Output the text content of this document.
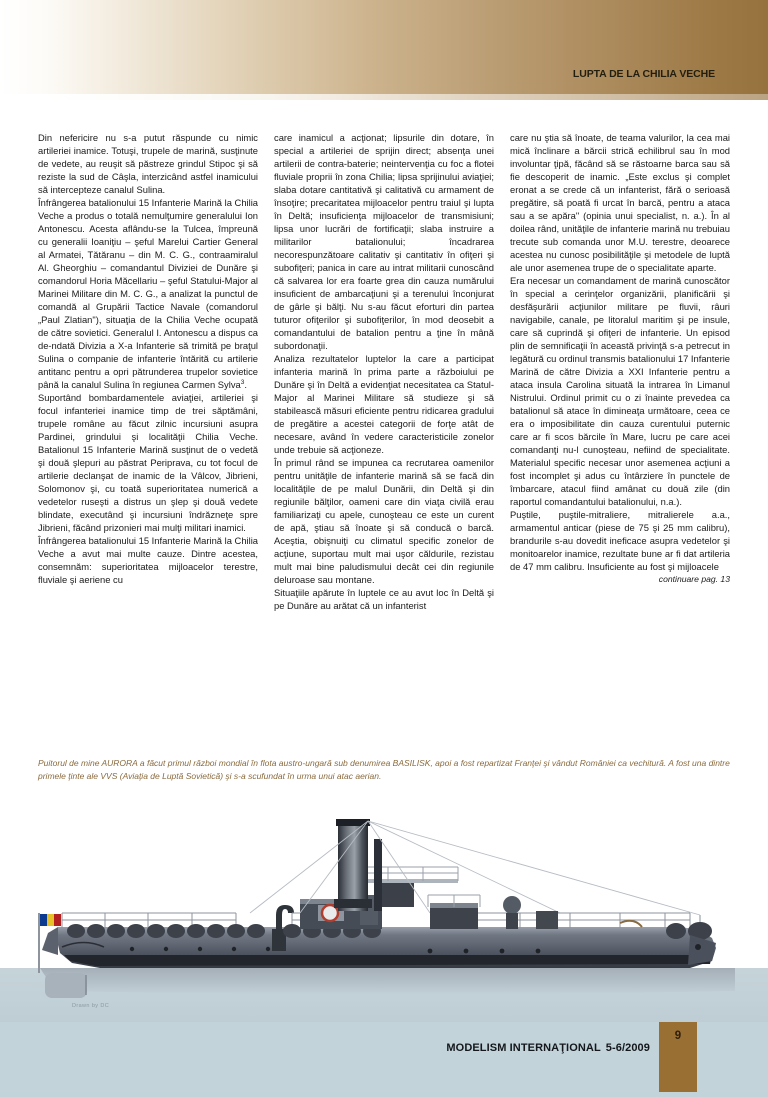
LUPTA DE LA CHILIA VECHE

Din nefericire nu s-a putut răspunde cu nimic artileriei inamice. Totuşi, trupele de marină, susţinute de vedete, au reuşit să păstreze grindul Stipoc şi să reziste la sud de Câşla, interzicând astfel inamicului să intercepteze canalul Sulina.

Înfrângerea batalionului 15 Infanterie Marină la Chilia Veche a produs o totală nemulţumire generalului Ion Antonescu. Acesta aflându-se la Tulcea, împreună cu generalii Ioaniţiu – şeful Marelui Cartier General al Armatei, Tătăranu – din M. C. G., contraamiralul Al. Gheorghiu – comandantul Diviziei de Dunăre şi comandorul Horia Măcellariu – şeful Statului-Major al Marinei Militare din M. C. G., a analizat la punctul de comandă al Grupării Tactice Navale (comandorul „Paul Zlatian"), situaţia de la Chilia Veche ocupată de către sovietici. Generalul I. Antonescu a dispus ca de-ndată Divizia a X-a Infanterie să trimită pe braţul Sulina o companie de infanterie întărită cu artilerie antitanc pentru a opri pătrunderea trupelor sovietice până la canalul Sulina în regiunea Carmen Sylva$^3$.

Suportând bombardamentele aviaţiei, artileriei şi focul infanteriei inamice timp de trei săptămâni, trupele române au făcut zilnic incursiuni asupra Pardinei, grindului şi localităţii Chilia Veche. Batalionul 15 Infanterie Marină susţinut de o vedetă şi două şlepuri au păstrat Periprava, cu tot focul de artilerie declanşat de inamic de la Vâlcov, Jibrieni, Solomonov şi, cu toată superioritatea numerică a vedetelor ruseşti a distrus un şlep şi două vedete blindate, executând şi incursiuni îndrăzneţe spre Jibrieni, făcând prizonieri mai mulţi militari inamici.

Înfrângerea batalionului 15 Infanterie Marină la Chilia Veche a avut mai multe cauze. Dintre acestea, consemnăm: superioritatea mijloacelor terestre, fluviale şi aeriene cu

care inamicul a acţionat; lipsurile din dotare, în special a artileriei de sprijin direct; absenţa unei artilerii de contra-baterie; neintervenţia cu foc a flotei fluviale proprii în zona Chilia; lipsa sprijinului aviaţiei; slaba dotare cantitativă şi calitativă cu armament de însoţire; precaritatea mijloacelor pentru traiul şi lupta în Deltă; insuficienţa mijloacelor de transmisiuni; lipsa unor lucrări de fortificaţii; slaba instruire a militarilor batalionului; încadrarea necorespunzătoare calitativ şi cantitativ în ofiţeri şi subofiţeri; panica in care au intrat militarii cunoscând că salvarea lor era foarte grea din cauza numărului insuficient de ambarcaţiuni şi a terenului înconjurat de gârle şi bălţi. Nu s-au făcut eforturi din partea tuturor ofiţerilor şi subofiţerilor, în mod deosebit a comandantului de batalion pentru a ţine în mână subordonaţii.

Analiza rezultatelor luptelor la care a participat infanteria marină în prima parte a războiului pe Dunăre şi în Deltă a evidenţiat necesitatea ca Statul-Major al Marinei Militare să studieze şi să stabilească măsuri eficiente pentru ridicarea gradului de pregătire a acestei categorii de forţe atât de necesare, având în vedere caracteristicile zonelor unde trebuie să acţioneze.

În primul rând se impunea ca recrutarea oamenilor pentru unităţile de infanterie marină să se facă din localităţile de pe malul Dunării, din Deltă şi din regiunile bălţilor, oameni care din viaţa civilă erau familiarizaţi cu apele, cunoşteau ce este un curent de apă, ştiau să înoate şi să conducă o barcă. Aceştia, obişnuiţi cu climatul specific zonelor de acţiune, suportau mult mai uşor căldurile, rezistau mult mai bine paludismului decât cei din regiunile deluroase sau montane.

Situaţiile apărute în luptele ce au avut loc în Deltă şi pe Dunăre au arătat că un infanterist

care nu ştia să înoate, de teama valurilor, la cea mai mică înclinare a bărcii strică echilibrul sau în mod involuntar ţipă, făcând să se răstoarne barca sau să fie descoperit de inamic. „Este exclus şi complet eronat a se crede că un infanterist, fără o serioasă pregătire, să poată fi urcat în barcă, pentru a ataca sau a se apăra" (opinia unui specialist, n. a.). În al doilea rând, unităţile de infanterie marină nu trebuiau trecute sub comanda unor M.U. terestre, deoarece acestea nu cunosc posibilităţile şi metodele de luptă ale unor asemenea trupe de o specialitate aparte.

Era necesar un comandament de marină cunoscător în special a cerinţelor organizării, planificării şi desfăşurării acţiunilor militare pe fluvii, râuri navigabile, canale, pe litoralul maritim şi pe insule, care să cuprindă şi ofiţeri de infanterie. Un episod plin de semnificaţii în această privinţă s-a petrecut in legătură cu ordinul transmis batalionului 17 Infanterie Marină de către Divizia a XXI Infanterie pentru a ataca insula Carolina situată la intrarea în Limanul Nistrului. Ordinul primit cu o zi înainte prevedea ca batalionul să atace în dimineaţa următoare, ceea ce era o imposibilitate din cauza curentului puternic care ar fi scos bărcile în Mare, lucru pe care acei comandanţi nu-l cunoşteau, nefiind de specialitate. Materialul specific necesar unor asemenea acţiuni a fost incomplet şi adus cu întârziere în punctele de îmbarcare, atacul fiind amânat cu două zile (din raportul comandantului batalionului, n.a.).

Puştile, puştile-mitraliere, mitralierele a.a., armamentul anticar (piese de 75 şi 25 mm calibru), brandurile s-au dovedit ineficace asupra vedetelor şi monitoarelor inamice, rezultate bune ar fi dat artileria de 47 mm calibru. Insuficiente au fost şi mijloacele

continuare pag. 13

Puitorul de mine AURORA a făcut primul război mondial în flota austro-ungară sub denumirea BASILISK, apoi a fost repartizat Franţei şi vândut României ca vechitură. A fost una dintre primele ţinte ale VVS (Aviaţia de Luptă Sovietică) şi s-a scufundat în urma unui atac aerian.
Drawn by DC
MODELISM INTERNAŢIONAL 5-6/2009
9
